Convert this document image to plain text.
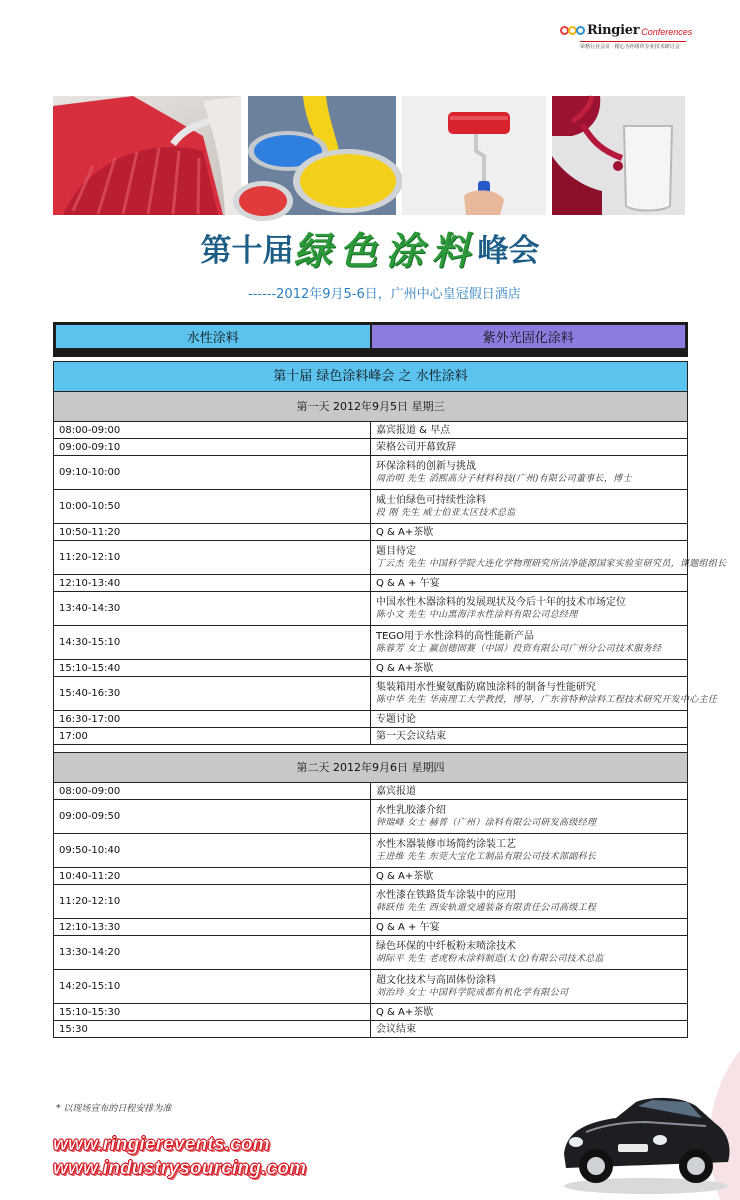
Ringier Conferences
荣格行业会议 · 精心为你组织专业技术研讨会
第十届绿色涂料峰会
------2012年9月5-6日，广州中心皇冠假日酒店
水性涂料	紫外光固化涂料
第十届 绿色涂料峰会 之 水性涂料	
第一天 2012年9月5日 星期三	
08:00-09:00	嘉宾报道 & 早点

09:00-09:10	荣格公司开幕致辞

09:10-10:00	环保涂料的创新与挑战
周治明 先生 滔熙高分子材料科技(广州)有限公司董事长，博士

10:00-10:50	威士伯绿色可持续性涂料
段 刚 先生 威士伯亚太区技术总监

10:50-11:20	Q & A+茶歇

11:20-12:10	题目待定
丁云杰 先生 中国科学院大连化学物理研究所洁净能源国家实验室研究员，课题组组长

12:10-13:40	Q & A + 午宴

13:40-14:30	中国水性木器涂料的发展现状及今后十年的技术市场定位
陈小文 先生 中山黑海洋水性涂料有限公司总经理

14:30-15:10	TEGO用于水性涂料的高性能新产品
陈蓉芳 女士 赢创德固赛（中国）投资有限公司广州分公司技术服务经

15:10-15:40	Q & A+茶歇

15:40-16:30	集装箱用水性聚氨酯防腐蚀涂料的制备与性能研究
陈中华 先生 华南理工大学教授，博导，广东省特种涂料工程技术研究开发中心主任

16:30-17:00	专题讨论

17:00	第一天会议结束

第二天 2012年9月6日 星期四	
08:00-09:00	嘉宾报道

09:00-09:50	水性乳胶漆介绍
钟瑞峰 女士 赫普（广州）涂料有限公司研发高级经理

09:50-10:40	水性木器装修市场简约涂装工艺
王进维 先生 东莞大宝化工制品有限公司技术部副科长

10:40-11:20	Q & A+茶歇

11:20-12:10	水性漆在铁路货车涂装中的应用
韩跃伟 先生 西安轨道交通装备有限责任公司高级工程

12:10-13:30	Q & A + 午宴

13:30-14:20	绿色环保的中纤板粉末喷涂技术
胡际平 先生 老虎粉末涂料制造(太仓)有限公司技术总监

14:20-15:10	超文化技术与高固体份涂料
刘治玲 女士 中国科学院成都有机化学有限公司

15:10-15:30	Q & A+茶歇

15:30	会议结束
* 以现场宣布的日程安排为准
www.ringierevents.com
www.industrysourcing.com
